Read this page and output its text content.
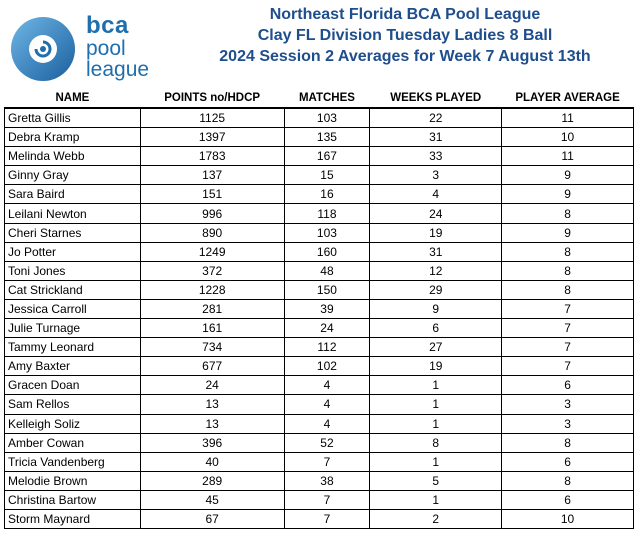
bca
pool
league
Northeast Florida BCA Pool League
Clay FL Division Tuesday Ladies 8 Ball
2024 Session 2 Averages for Week 7 August 13th
NAME	POINTS no/HDCP	MATCHES	WEEKS PLAYED	PLAYER AVERAGE
Gretta Gillis	1125	103	22	11
Debra Kramp	1397	135	31	10
Melinda Webb	1783	167	33	11
Ginny Gray	137	15	3	9
Sara Baird	151	16	4	9
Leilani Newton	996	118	24	8
Cheri Starnes	890	103	19	9
Jo Potter	1249	160	31	8
Toni Jones	372	48	12	8
Cat Strickland	1228	150	29	8
Jessica Carroll	281	39	9	7
Julie Turnage	161	24	6	7
Tammy Leonard	734	112	27	7
Amy Baxter	677	102	19	7
Gracen Doan	24	4	1	6
Sam Rellos	13	4	1	3
Kelleigh Soliz	13	4	1	3
Amber Cowan	396	52	8	8
Tricia Vandenberg	40	7	1	6
Melodie Brown	289	38	5	8
Christina Bartow	45	7	1	6
Storm Maynard	67	7	2	10
